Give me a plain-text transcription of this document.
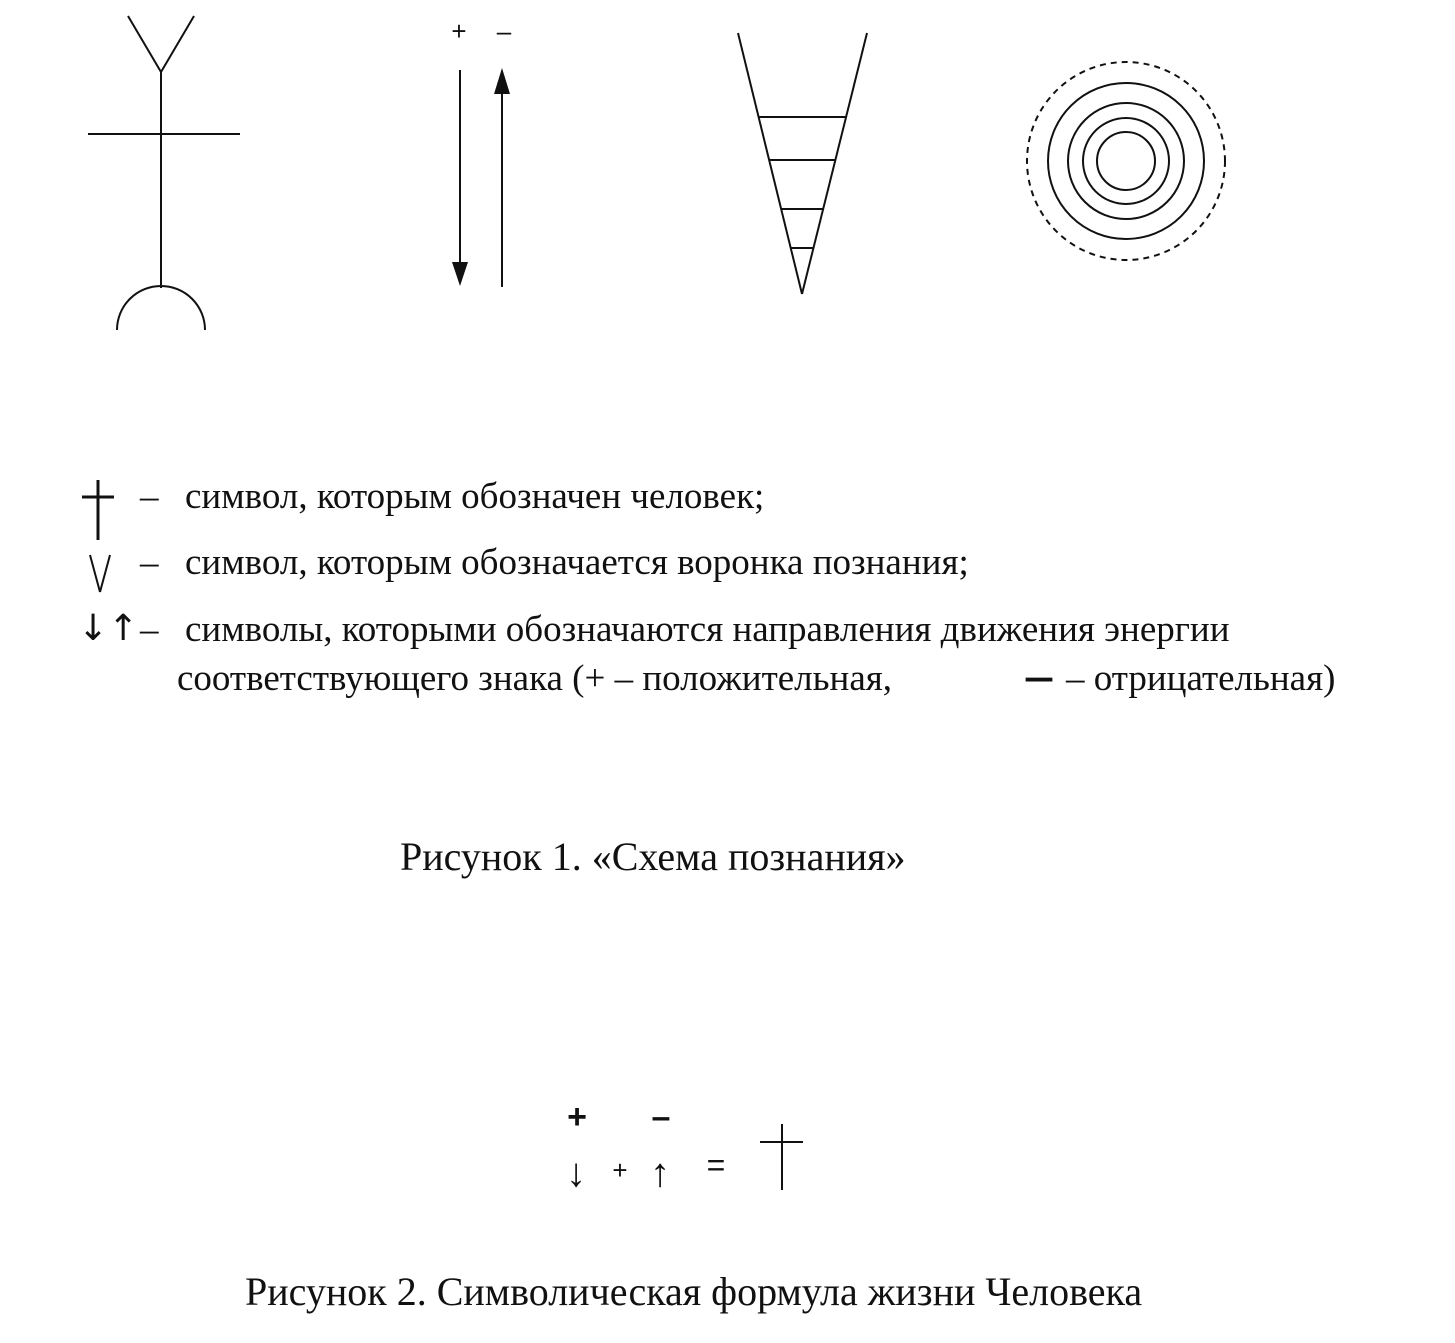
+ –
– символ, которым обозначен человек;
– символ, которым обозначается воронка познания;
↓↑ – символы, которыми обозначаются направления движения энергии
соответствующего знака (+ – положительная,	— – отрицательная)
Рисунок 1. «Схема познания»
+ –
↓ + ↑ =
Рисунок 2. Символическая формула жизни Человека
